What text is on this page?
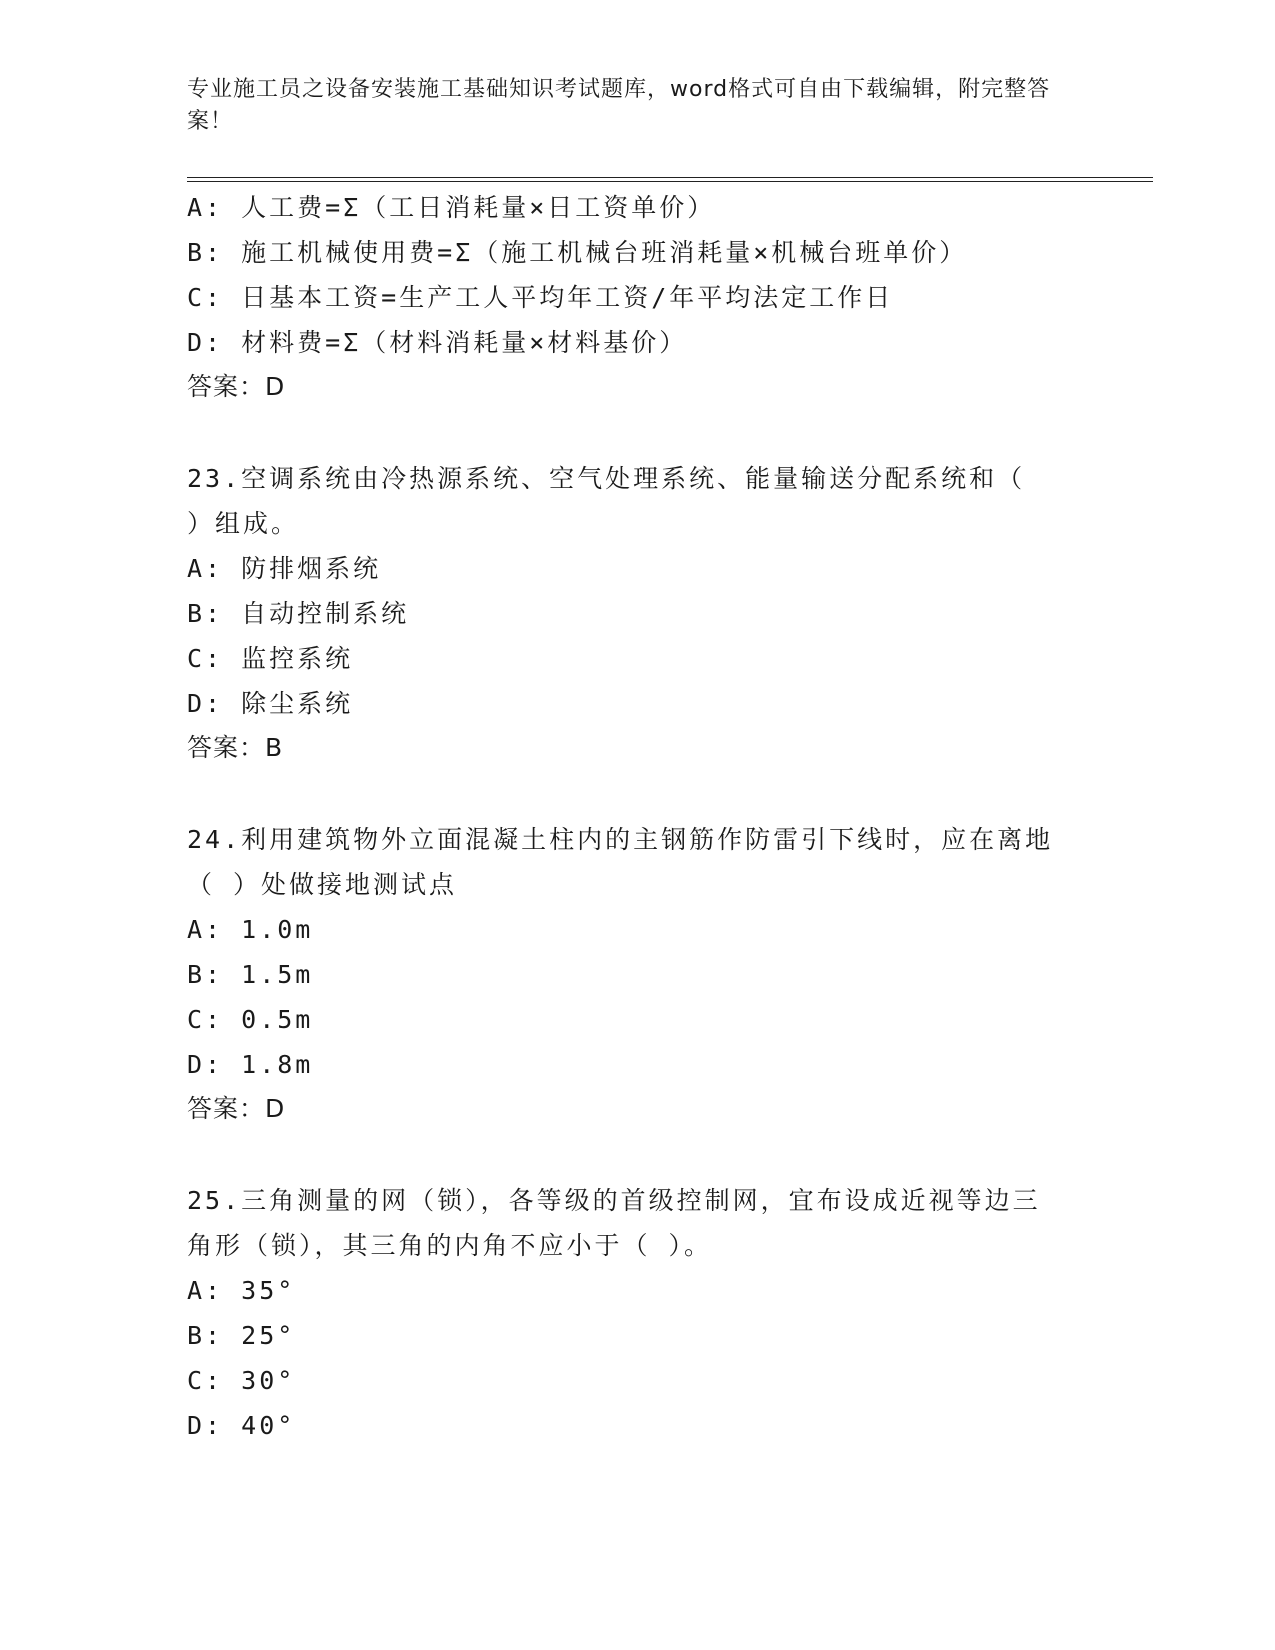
专业施工员之设备安装施工基础知识考试题库，word格式可自由下载编辑，附完整答案！
A: 人工费=Σ（工日消耗量×日工资单价）
B: 施工机械使用费=Σ（施工机械台班消耗量×机械台班单价）
C: 日基本工资=生产工人平均年工资/年平均法定工作日
D: 材料费=Σ（材料消耗量×材料基价）
答案：D
23.空调系统由冷热源系统、空气处理系统、能量输送分配系统和（
）组成。
A: 防排烟系统
B: 自动控制系统
C: 监控系统
D: 除尘系统
答案：B
24.利用建筑物外立面混凝土柱内的主钢筋作防雷引下线时，应在离地
（ ）处做接地测试点
A: 1.0m
B: 1.5m
C: 0.5m
D: 1.8m
答案：D
25.三角测量的网（锁），各等级的首级控制网，宜布设成近视等边三
角形（锁），其三角的内角不应小于（ ）。
A: 35°
B: 25°
C: 30°
D: 40°
